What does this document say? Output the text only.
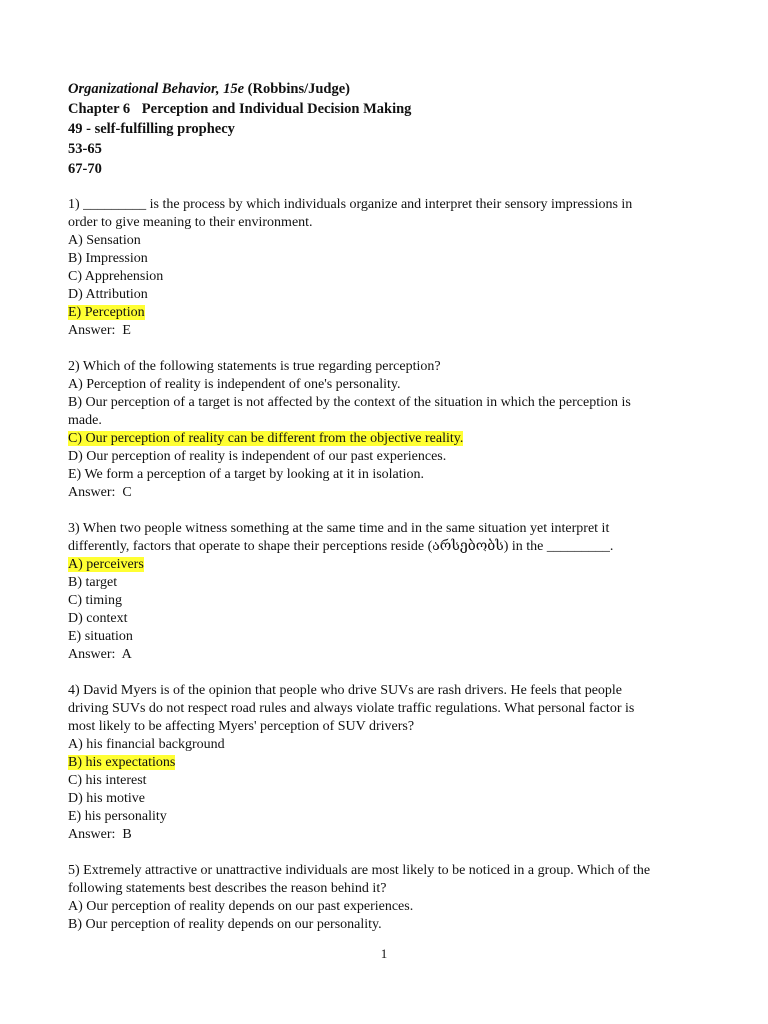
Organizational Behavior, 15e (Robbins/Judge)
Chapter 6 Perception and Individual Decision Making
49 - self-fulfilling prophecy
53-65
67-70
1) _________ is the process by which individuals organize and interpret their sensory impressions in
order to give meaning to their environment.
A) Sensation
B) Impression
C) Apprehension
D) Attribution
E) Perception
Answer:  E
2) Which of the following statements is true regarding perception?
A) Perception of reality is independent of one's personality.
B) Our perception of a target is not affected by the context of the situation in which the perception is
made.
C) Our perception of reality can be different from the objective reality.
D) Our perception of reality is independent of our past experiences.
E) We form a perception of a target by looking at it in isolation.
Answer:  C
3) When two people witness something at the same time and in the same situation yet interpret it
differently, factors that operate to shape their perceptions reside (არსებობს) in the _________.
A) perceivers
B) target
C) timing
D) context
E) situation
Answer:  A
4) David Myers is of the opinion that people who drive SUVs are rash drivers. He feels that people
driving SUVs do not respect road rules and always violate traffic regulations. What personal factor is
most likely to be affecting Myers' perception of SUV drivers?
A) his financial background
B) his expectations
C) his interest
D) his motive
E) his personality
Answer:  B
5) Extremely attractive or unattractive individuals are most likely to be noticed in a group. Which of the
following statements best describes the reason behind it?
A) Our perception of reality depends on our past experiences.
B) Our perception of reality depends on our personality.
1
